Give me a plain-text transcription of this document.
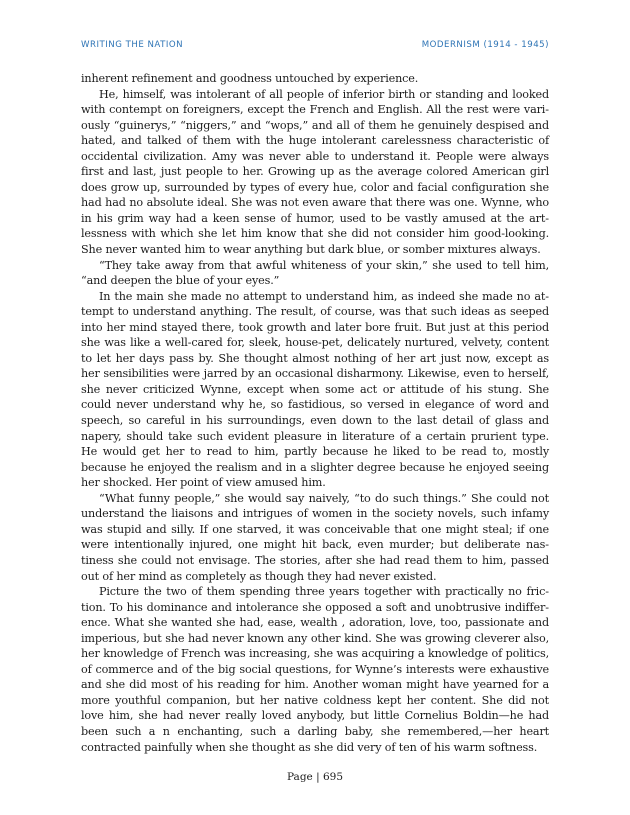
WRITING THE NATION	MODERNISM (1914 - 1945)

inherent refinement and goodness untouched by experience.

He, himself, was intolerant of all people of inferior birth or standing and looked with contempt on foreigners, except the French and English. All the rest were variously “guinerys,” “niggers,” and “wops,” and all of them he genuinely despised and hated, and talked of them with the huge intolerant carelessness characteristic of occidental civilization. Amy was never able to understand it. People were always first and last, just people to her. Growing up as the average colored American girl does grow up, surrounded by types of every hue, color and facial configuration she had had no absolute ideal. She was not even aware that there was one. Wynne, who in his grim way had a keen sense of humor, used to be vastly amused at the artlessness with which she let him know that she did not consider him good-looking. She never wanted him to wear anything but dark blue, or somber mixtures always.

“They take away from that awful whiteness of your skin,” she used to tell him, “and deepen the blue of your eyes.”

In the main she made no attempt to understand him, as indeed she made no attempt to understand anything. The result, of course, was that such ideas as seeped into her mind stayed there, took growth and later bore fruit. But just at this period she was like a well-cared for, sleek, house-pet, delicately nurtured, velvety, content to let her days pass by. She thought almost nothing of her art just now, except as her sensibilities were jarred by an occasional disharmony. Likewise, even to herself, she never criticized Wynne, except when some act or attitude of his stung. She could never understand why he, so fastidious, so versed in elegance of word and speech, so careful in his surroundings, even down to the last detail of glass and napery, should take such evident pleasure in literature of a certain prurient type. He would get her to read to him, partly because he liked to be read to, mostly because he enjoyed the realism and in a slighter degree because he enjoyed seeing her shocked. Her point of view amused him.

“What funny people,” she would say naively, “to do such things.” She could not understand the liaisons and intrigues of women in the society novels, such infamy was stupid and silly. If one starved, it was conceivable that one might steal; if one were intentionally injured, one might hit back, even murder; but deliberate nastiness she could not envisage. The stories, after she had read them to him, passed out of her mind as completely as though they had never existed.

Picture the two of them spending three years together with practically no friction. To his dominance and intolerance she opposed a soft and unobtrusive indifference. What she wanted she had, ease, wealth , adoration, love, too, passionate and imperious, but she had never known any other kind. She was growing cleverer also, her knowledge of French was increasing, she was acquiring a knowledge of politics, of commerce and of the big social questions, for Wynne’s interests were exhaustive and she did most of his reading for him. Another woman might have yearned for a more youthful companion, but her native coldness kept her content. She did not love him, she had never really loved anybody, but little Cornelius Boldin—he had been such a n enchanting, such a darling baby, she remembered,—her heart contracted painfully when she thought as she did very of ten of his warm softness.

Page | 695
